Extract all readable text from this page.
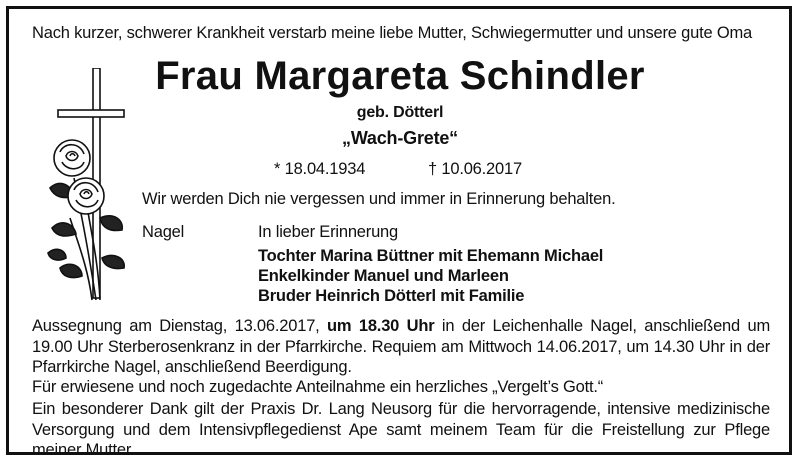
Nach kurzer, schwerer Krankheit verstarb meine liebe Mutter, Schwiegermutter und unsere gute Oma
Frau Margareta Schindler
geb. Dötterl
„Wach-Grete“
* 18.04.1934	† 10.06.2017
Wir werden Dich nie vergessen und immer in Erinnerung behalten.
Nagel	In lieber Erinnerung
Tochter Marina Büttner mit Ehemann Michael
Enkelkinder Manuel und Marleen
Bruder Heinrich Dötterl mit Familie
Aussegnung am Dienstag, 13.06.2017, um 18.30 Uhr in der Leichenhalle Nagel, anschließend um 19.00 Uhr Sterberosenkranz in der Pfarrkirche. Requiem am Mittwoch 14.06.2017, um 14.30 Uhr in der Pfarrkirche Nagel, anschließend Beerdigung.
Für erwiesene und noch zugedachte Anteilnahme ein herzliches „Vergelt’s Gott.“
Ein besonderer Dank gilt der Praxis Dr. Lang Neusorg für die hervorragende, intensive medizinische Versorgung und dem Intensivpflegedienst Ape samt meinem Team für die Freistellung zur Pflege meiner Mutter.
